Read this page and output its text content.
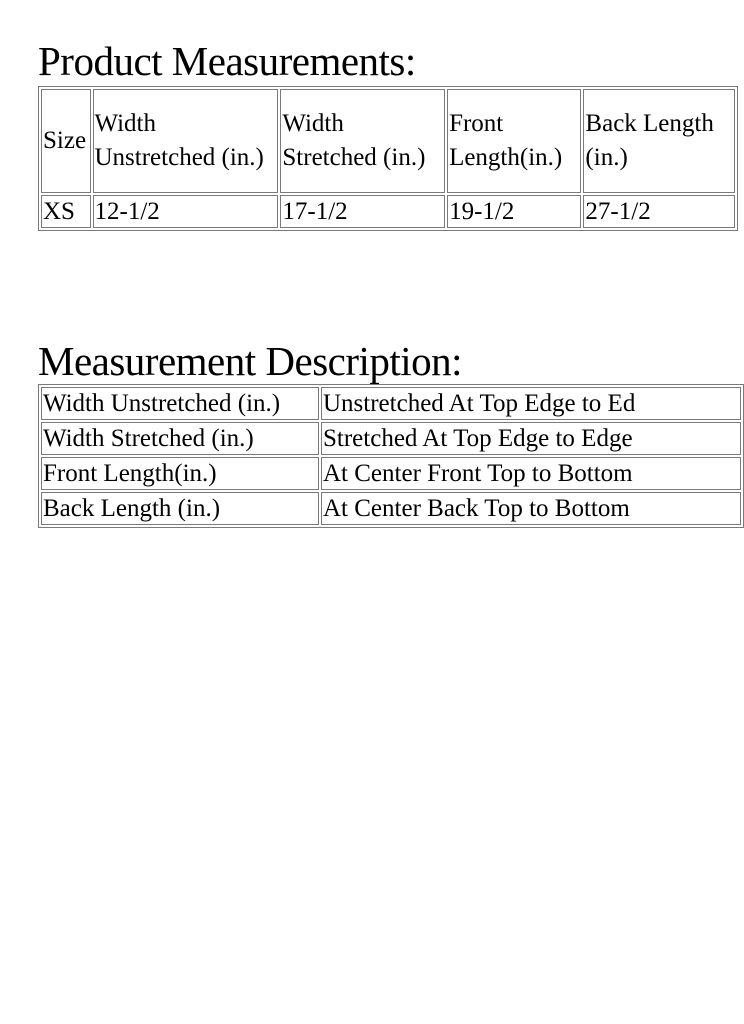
Product Measurements:
Size	Width Unstretched (in.)	Width Stretched (in.)	Front Length(in.)	Back Length (in.)
XS	12-1/2	17-1/2	19-1/2	27-1/2
Measurement Description:
Width Unstretched (in.)	Unstretched At Top Edge to Ed
Width Stretched (in.)	Stretched At Top Edge to Edge
Front Length(in.)	At Center Front Top to Bottom
Back Length (in.)	At Center Back Top to Bottom
